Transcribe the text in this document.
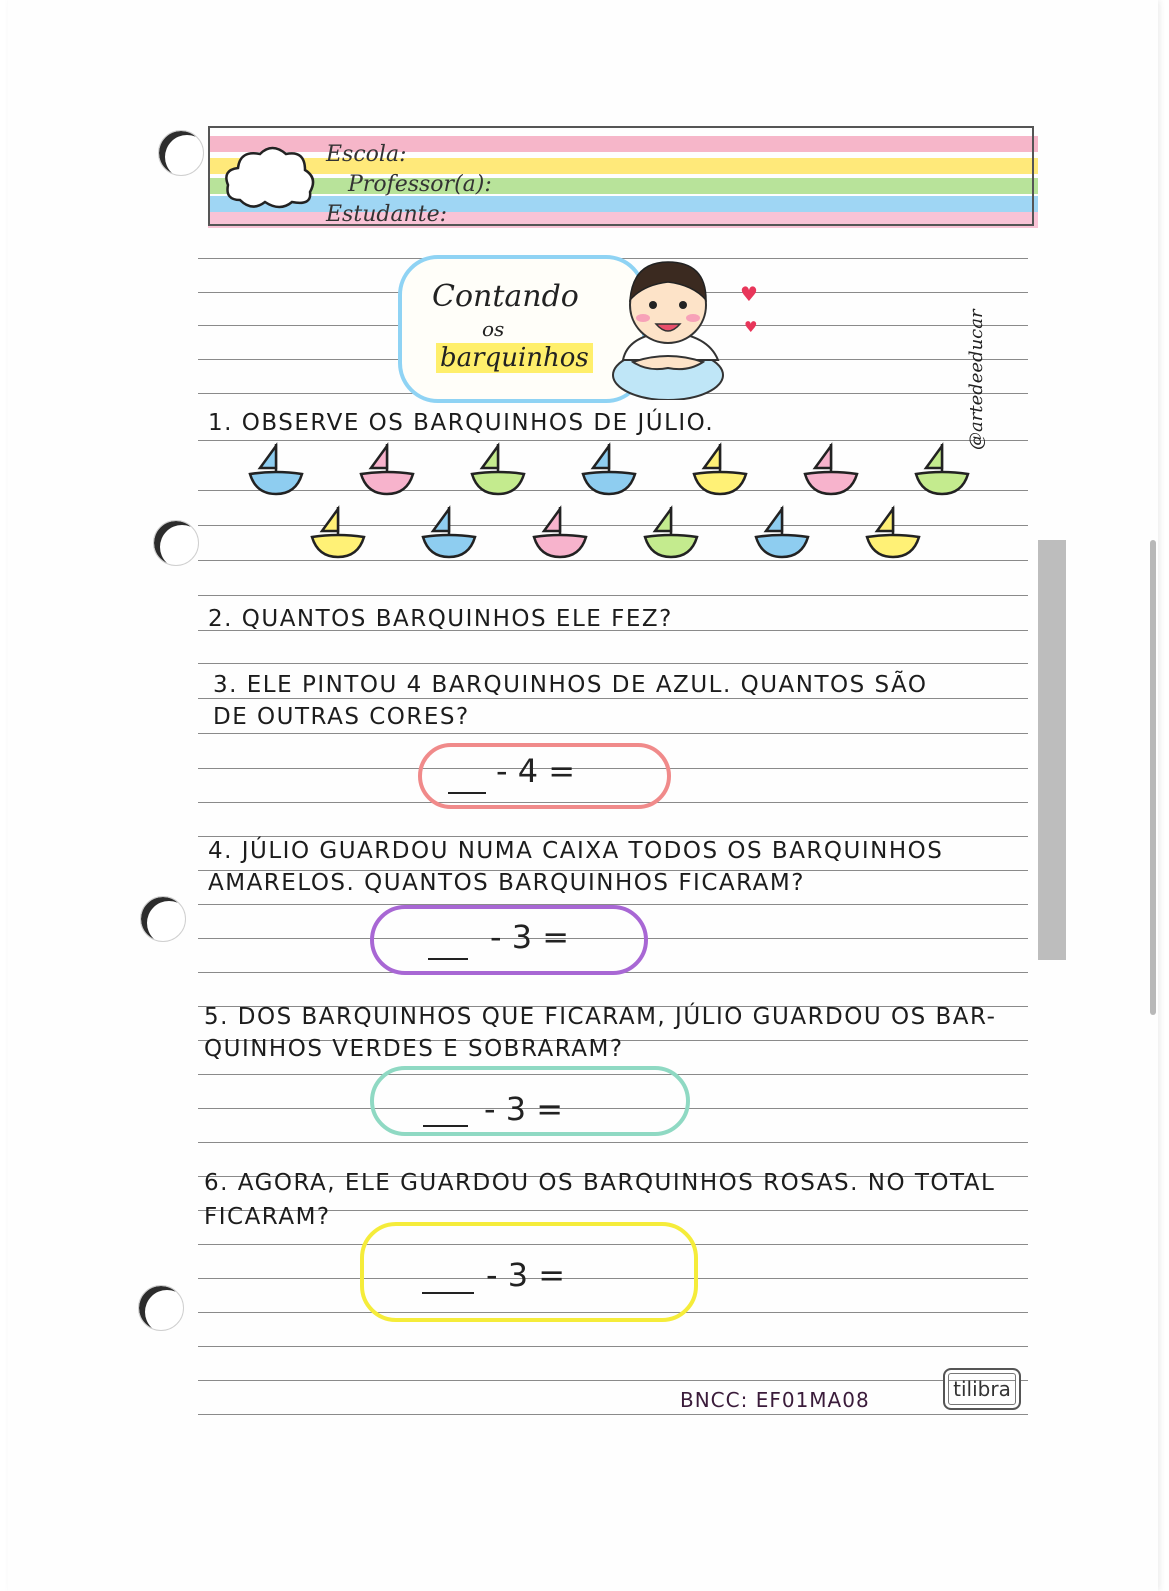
Escola:
Professor(a):
Estudante:
Contando
os
barquinhos
♥
♥	@artedeeducar
1. OBSERVE OS BARQUINHOS DE JÚLIO.
2. QUANTOS BARQUINHOS ELE FEZ?
3. ELE PINTOU 4 BARQUINHOS DE AZUL. QUANTOS SÃO
DE OUTRAS CORES?
- 4 =
4. JÚLIO GUARDOU NUMA CAIXA TODOS OS BARQUINHOS
AMARELOS. QUANTOS BARQUINHOS FICARAM?
- 3 =
5. DOS BARQUINHOS QUE FICARAM, JÚLIO GUARDOU OS BAR-
QUINHOS VERDES E SOBRARAM?
- 3 =
6. AGORA, ELE GUARDOU OS BARQUINHOS ROSAS. NO TOTAL
FICARAM?
- 3 =
BNCC: EF01MA08	tilibra
